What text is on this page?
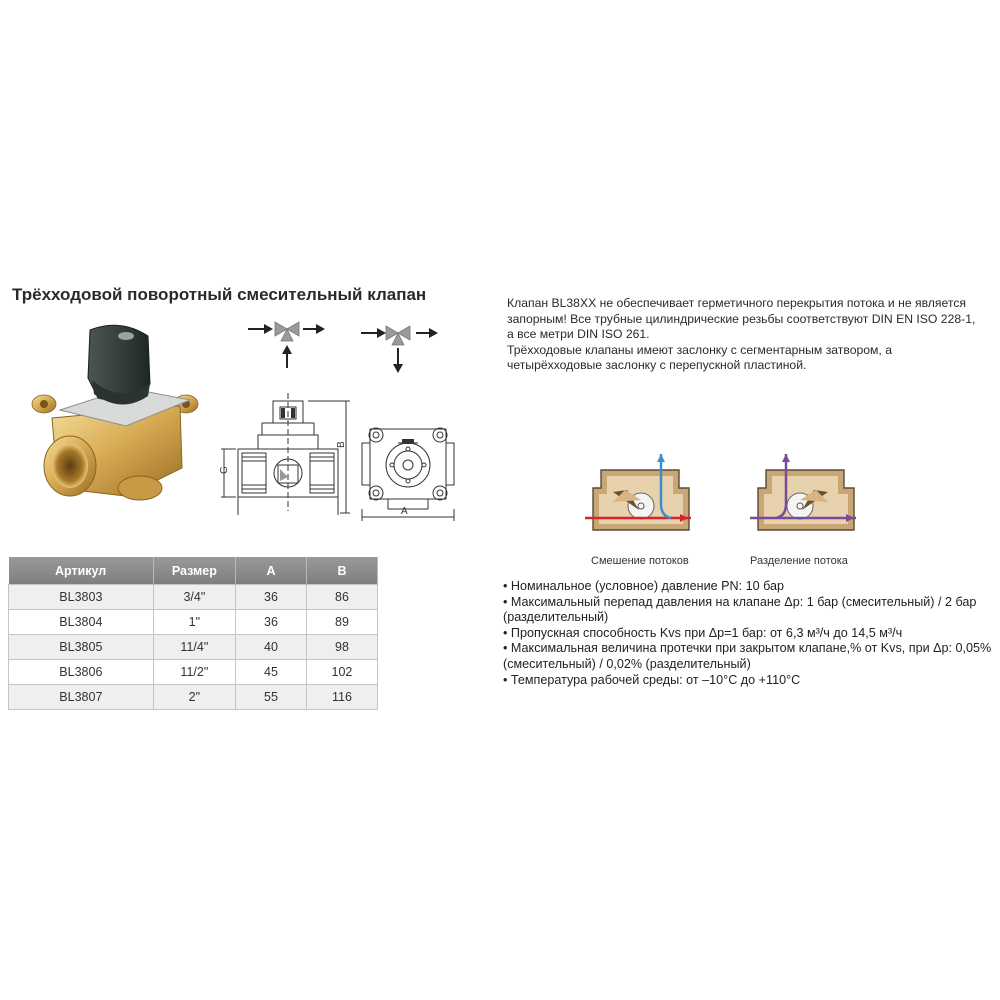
Трёхходовой поворотный смесительный клапан	Клапан BL38XX не обеспечивает герметичного перекрытия потока и не является запорным! Все трубные цилиндрические резьбы соответствуют DIN EN ISO 228-1, а все метри DIN ISO 261.

Трёхходовые клапаны имеют заслонку с сегментарным затвором, а четырёхходовые заслонку с перепускной пластиной.

G
B
A
Смешение потоков	Разделение потока
Артикул	Размер	A	B
BL3803	3/4"	36	86
BL3804	1"	36	89
BL3805	11/4"	40	98
BL3806	11/2"	45	102
BL3807	2"	55	116
• Номинальное (условное) давление PN: 10 бар
• Максимальный перепад давления на клапане Δр: 1 бар (смесительный) / 2 бар (разделительный)
• Пропускная способность Kvs при Δр=1 бар: от 6,3 м³/ч до 14,5 м³/ч
• Максимальная величина протечки при закрытом клапане,% от Kvs, при Δр: 0,05%
(смесительный) / 0,02% (разделительный)
• Температура рабочей среды: от –10°С до +110°С
